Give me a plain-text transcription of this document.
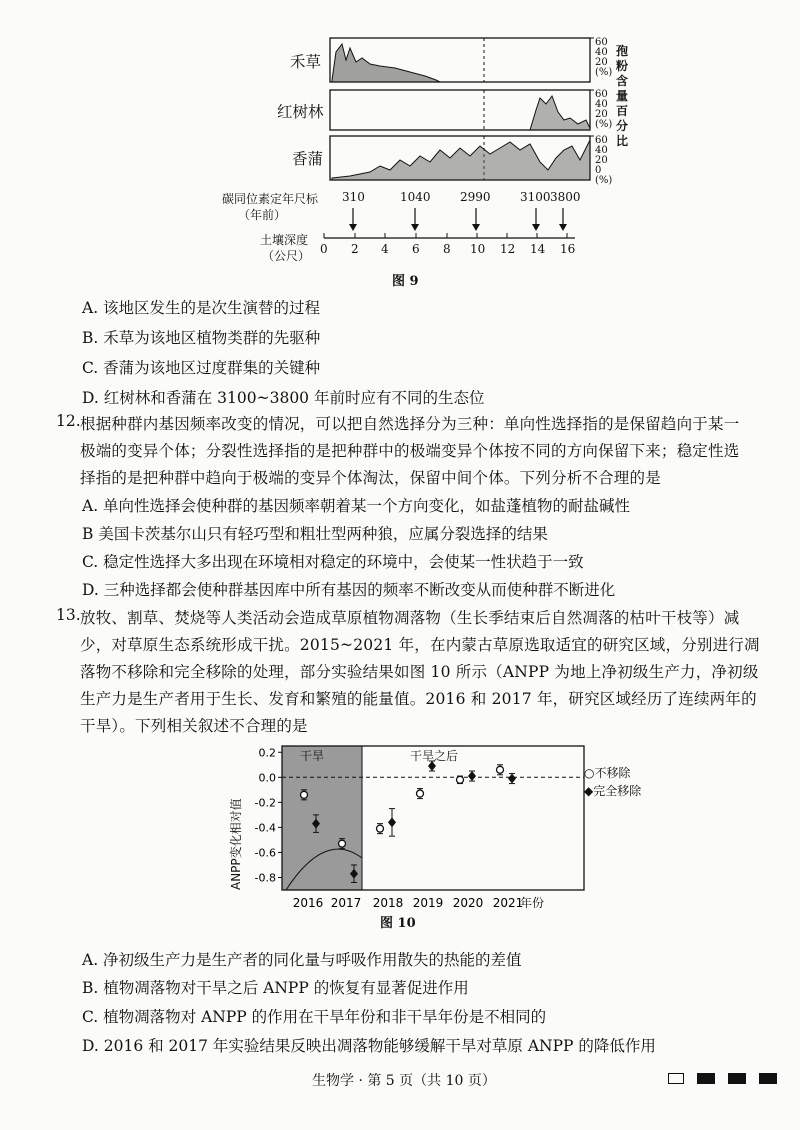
禾草
红树林
香蒲
60
40
20
(%)
60
40
20
(%)
60
40
20
0
(%)
孢粉含量百分比
碳同位素定年尺标
（年前）
310	1040 2990 3100 3800
土壤深度
（公尺） 0 2 4 6 8 10 12 14 16
图 9
A. 该地区发生的是次生演替的过程
B. 禾草为该地区植物类群的先驱种
C. 香蒲为该地区过度群集的关键种
D. 红树林和香蒲在 3100~3800 年前时应有不同的生态位
12. 根据种群内基因频率改变的情况，可以把自然选择分为三种：单向性选择指的是保留趋向于某一
极端的变异个体；分裂性选择指的是把种群中的极端变异个体按不同的方向保留下来；稳定性选
择指的是把种群中趋向于极端的变异个体淘汰，保留中间个体。下列分析不合理的是
A. 单向性选择会使种群的基因频率朝着某一个方向变化，如盐蓬植物的耐盐碱性
B 美国卡茨基尔山只有轻巧型和粗壮型两种狼，应属分裂选择的结果
C. 稳定性选择大多出现在环境相对稳定的环境中，会使某一性状趋于一致
D. 三种选择都会使种群基因库中所有基因的频率不断改变从而使种群不断进化
13. 放牧、割草、焚烧等人类活动会造成草原植物凋落物（生长季结束后自然凋落的枯叶干枝等）减
少，对草原生态系统形成干扰。2015~2021 年，在内蒙古草原选取适宜的研究区域，分别进行凋
落物不移除和完全移除的处理，部分实验结果如图 10 所示（ANPP 为地上净初级生产力，净初级
生产力是生产者用于生长、发育和繁殖的能量值。2016 和 2017 年，研究区域经历了连续两年的
干旱）。下列相关叙述不合理的是
0.2
0.0
-0.2
-0.4
-0.6
-0.8
2016 2017 2018 2019 2020 2021
干旱	干旱之后
ANPP变化相对值
○不移除
◆完全移除
年份
图 10
A. 净初级生产力是生产者的同化量与呼吸作用散失的热能的差值
B. 植物凋落物对干旱之后 ANPP 的恢复有显著促进作用
C. 植物凋落物对 ANPP 的作用在干旱年份和非干旱年份是不相同的
D. 2016 和 2017 年实验结果反映出凋落物能够缓解干旱对草原 ANPP 的降低作用
生物学 · 第 5 页（共 10 页）
